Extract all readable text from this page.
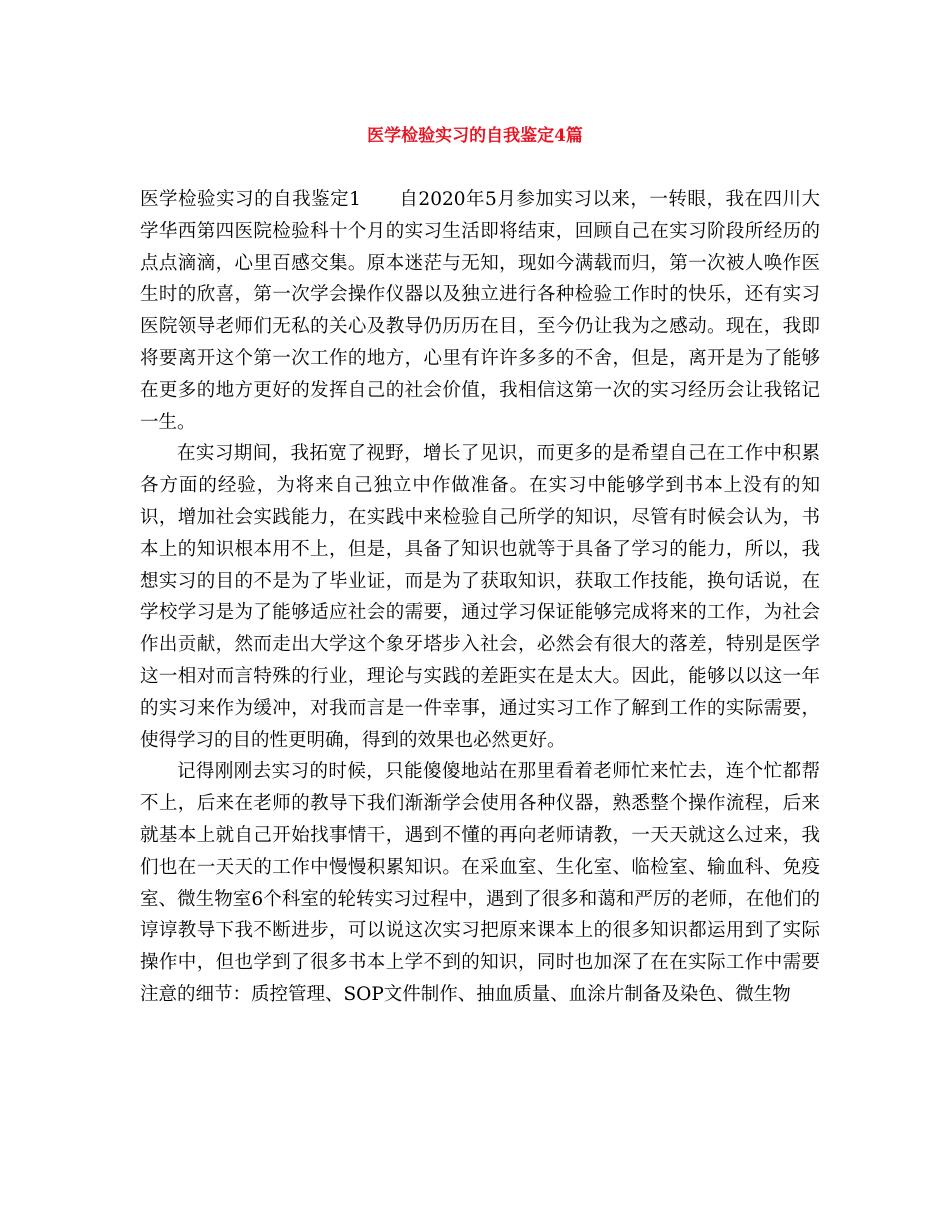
医学检验实习的自我鉴定4篇

医学检验实习的自我鉴定1　　自2020年5月参加实习以来，一转眼，我在四川大学华西第四医院检验科十个月的实习生活即将结束，回顾自己在实习阶段所经历的点点滴滴，心里百感交集。原本迷茫与无知，现如今满载而归，第一次被人唤作医生时的欣喜，第一次学会操作仪器以及独立进行各种检验工作时的快乐，还有实习医院领导老师们无私的关心及教导仍历历在目，至今仍让我为之感动。现在，我即将要离开这个第一次工作的地方，心里有许许多多的不舍，但是，离开是为了能够在更多的地方更好的发挥自己的社会价值，我相信这第一次的实习经历会让我铭记一生。

在实习期间，我拓宽了视野，增长了见识，而更多的是希望自己在工作中积累各方面的经验，为将来自己独立中作做准备。在实习中能够学到书本上没有的知识，增加社会实践能力，在实践中来检验自己所学的知识，尽管有时候会认为，书本上的知识根本用不上，但是，具备了知识也就等于具备了学习的能力，所以，我想实习的目的不是为了毕业证，而是为了获取知识，获取工作技能，换句话说，在学校学习是为了能够适应社会的需要，通过学习保证能够完成将来的工作，为社会作出贡献，然而走出大学这个象牙塔步入社会，必然会有很大的落差，特别是医学这一相对而言特殊的行业，理论与实践的差距实在是太大。因此，能够以以这一年的实习来作为缓冲，对我而言是一件幸事，通过实习工作了解到工作的实际需要，使得学习的目的性更明确，得到的效果也必然更好。

记得刚刚去实习的时候，只能傻傻地站在那里看着老师忙来忙去，连个忙都帮不上，后来在老师的教导下我们渐渐学会使用各种仪器，熟悉整个操作流程，后来就基本上就自己开始找事情干，遇到不懂的再向老师请教，一天天就这么过来，我们也在一天天的工作中慢慢积累知识。在采血室、生化室、临检室、输血科、免疫室、微生物室6个科室的轮转实习过程中，遇到了很多和蔼和严厉的老师，在他们的谆谆教导下我不断进步，可以说这次实习把原来课本上的很多知识都运用到了实际操作中，但也学到了很多书本上学不到的知识，同时也加深了在在实际工作中需要注意的细节：质控管理、SOP文件制作、抽血质量、血涂片制备及染色、微生物
